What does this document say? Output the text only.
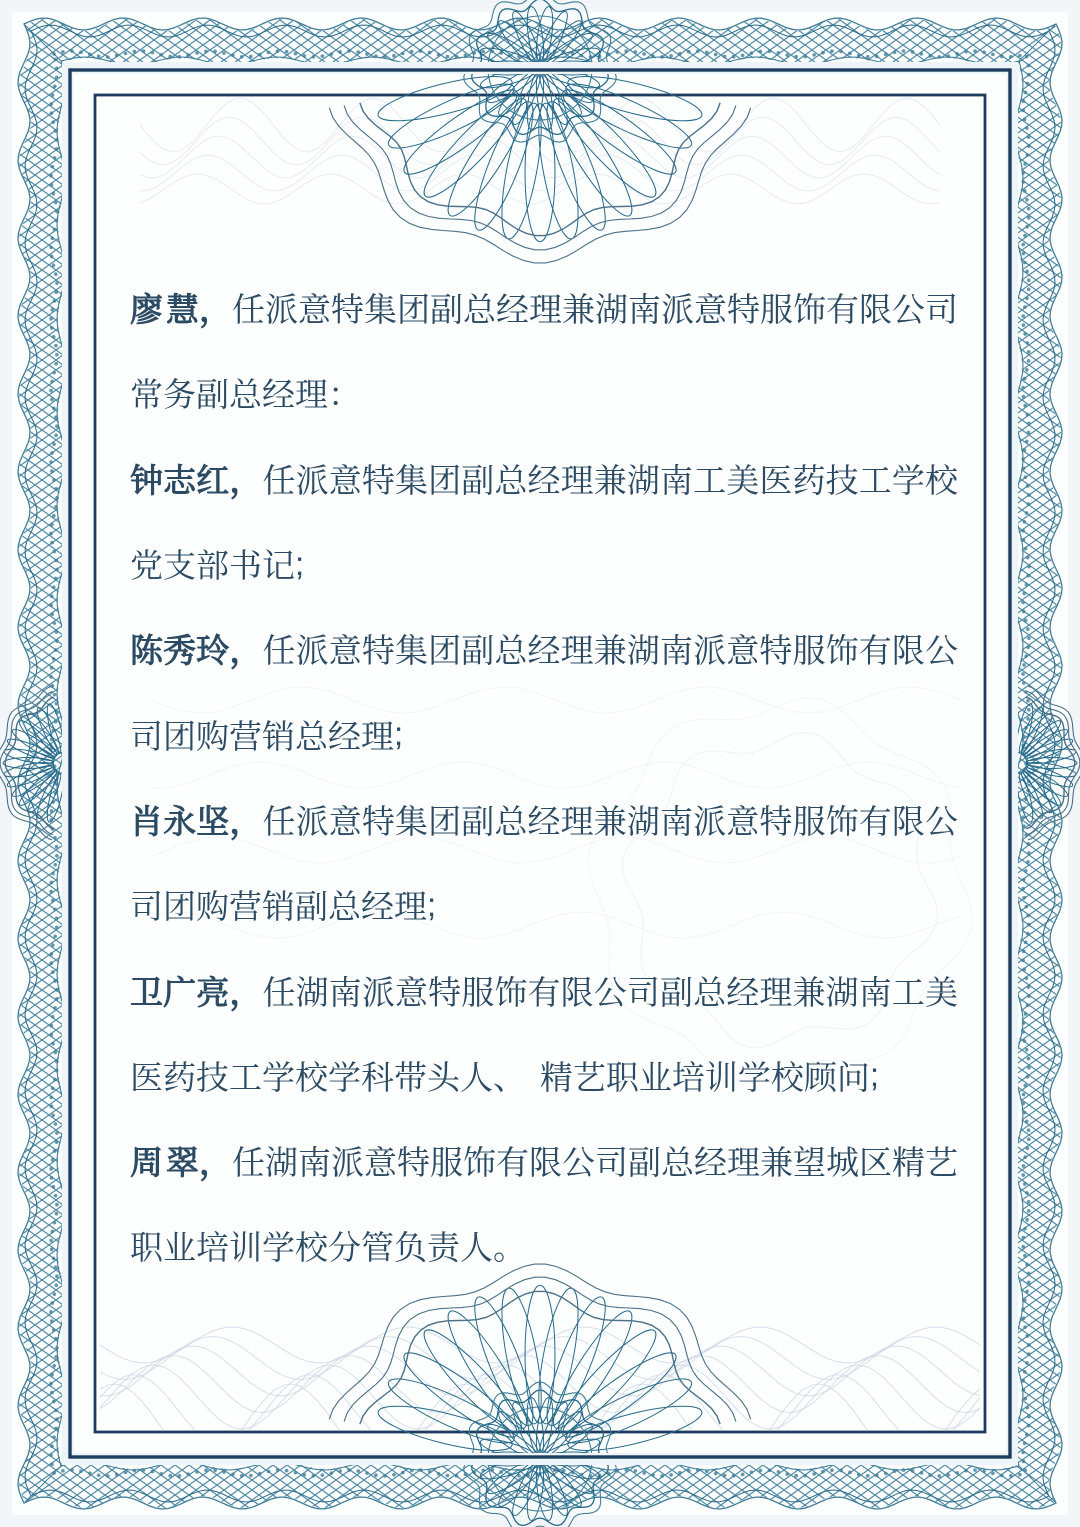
廖 慧 ， 任 派 意 特 集 团 副 总 经 理 兼 湖 南 派 意 特 服 饰 有 限 公 司
常 务 副 总 经 理 ：
钟 志 红 ， 任 派 意 特 集 团 副 总 经 理 兼 湖 南 工 美 医 药 技 工 学 校
党 支 部 书 记 ;
陈 秀 玲 ， 任 派 意 特 集 团 副 总 经 理 兼 湖 南 派 意 特 服 饰 有 限 公
司 团 购 营 销 总 经 理 ;
肖 永 坚 ， 任 派 意 特 集 团 副 总 经 理 兼 湖 南 派 意 特 服 饰 有 限 公
司 团 购 营 销 副 总 经 理 ;
卫 广 亮 ， 任 湖 南 派 意 特 服 饰 有 限 公 司 副 总 经 理 兼 湖 南 工 美
医 药 技 工 学 校 学 科 带 头 人 、 精 艺 职 业 培 训 学 校 顾 问 ;
周 翠 ， 任 湖 南 派 意 特 服 饰 有 限 公 司 副 总 经 理 兼 望 城 区 精 艺
职 业 培 训 学 校 分 管 负 责 人 。
